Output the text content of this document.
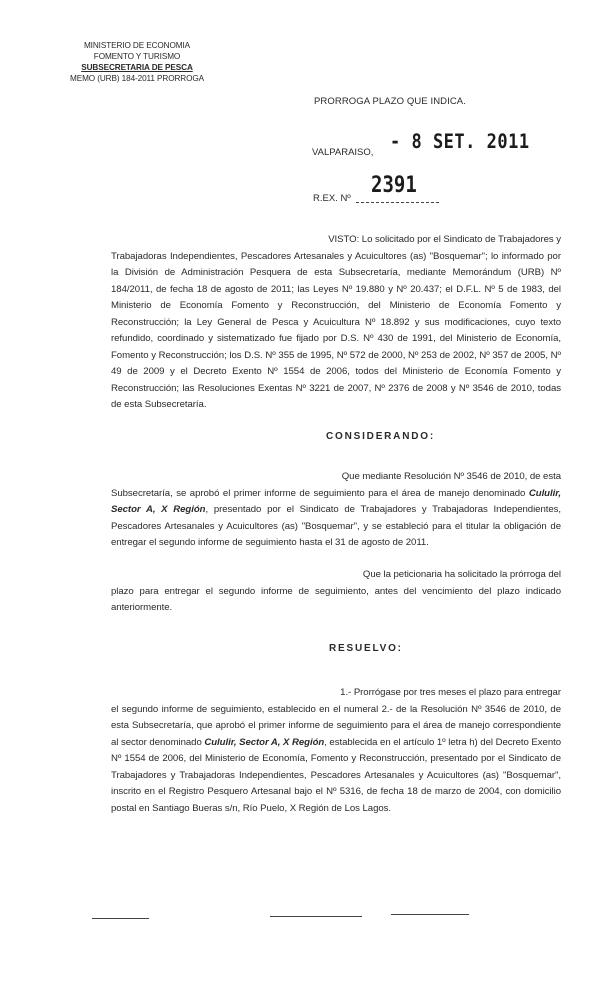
MINISTERIO DE ECONOMIA
FOMENTO Y TURISMO
SUBSECRETARIA DE PESCA
MEMO (URB) 184-2011 PRORROGA
PRORROGA PLAZO QUE INDICA.
VALPARAISO, - 8 SET. 2011
R.EX. Nº
2391
VISTO: Lo solicitado por el Sindicato de Trabajadores y
Trabajadoras Independientes, Pescadores Artesanales y Acuicultores (as) "Bosquemar"; lo informado por la División de Administración Pesquera de esta Subsecretaría, mediante Memorándum (URB) Nº 184/2011, de fecha 18 de agosto de 2011; las Leyes Nº 19.880 y Nº 20.437; el D.F.L. Nº 5 de 1983, del Ministerio de Economía Fomento y Reconstrucción, del Ministerio de Economía Fomento y Reconstrucción; la Ley General de Pesca y Acuicultura Nº 18.892 y sus modificaciones, cuyo texto refundido, coordinado y sistematizado fue fijado por D.S. Nº 430 de 1991, del Ministerio de Economía, Fomento y Reconstrucción; los D.S. Nº 355 de 1995, Nº 572 de 2000, Nº 253 de 2002, Nº 357 de 2005, Nº 49 de 2009 y el Decreto Exento Nº 1554 de 2006, todos del Ministerio de Economía Fomento y Reconstrucción; las Resoluciones Exentas Nº 3221 de 2007, Nº 2376 de 2008 y Nº 3546 de 2010, todas de esta Subsecretaría.
CONSIDERANDO:
Que mediante Resolución Nº 3546 de 2010, de esta
Subsecretaría, se aprobó el primer informe de seguimiento para el área de manejo denominado Cululir, Sector A, X Región, presentado por el Sindicato de Trabajadores y Trabajadoras Independientes, Pescadores Artesanales y Acuicultores (as) "Bosquemar", y se estableció para el titular la obligación de entregar el segundo informe de seguimiento hasta el 31 de agosto de 2011.
Que la peticionaria ha solicitado la prórroga del
plazo para entregar el segundo informe de seguimiento, antes del vencimiento del plazo indicado anteriormente.
RESUELVO:
1.- Prorrógase por tres meses el plazo para entregar
el segundo informe de seguimiento, establecido en el numeral 2.- de la Resolución Nº 3546 de 2010, de esta Subsecretaría, que aprobó el primer informe de seguimiento para el área de manejo correspondiente al sector denominado Cululir, Sector A, X Región, establecida en el artículo 1º letra h) del Decreto Exento Nº 1554 de 2006, del Ministerio de Economía, Fomento y Reconstrucción, presentado por el Sindicato de Trabajadores y Trabajadoras Independientes, Pescadores Artesanales y Acuicultores (as) "Bosquemar", inscrito en el Registro Pesquero Artesanal bajo el Nº 5316, de fecha 18 de marzo de 2004, con domicilio postal en Santiago Bueras s/n, Río Puelo, X Región de Los Lagos.
